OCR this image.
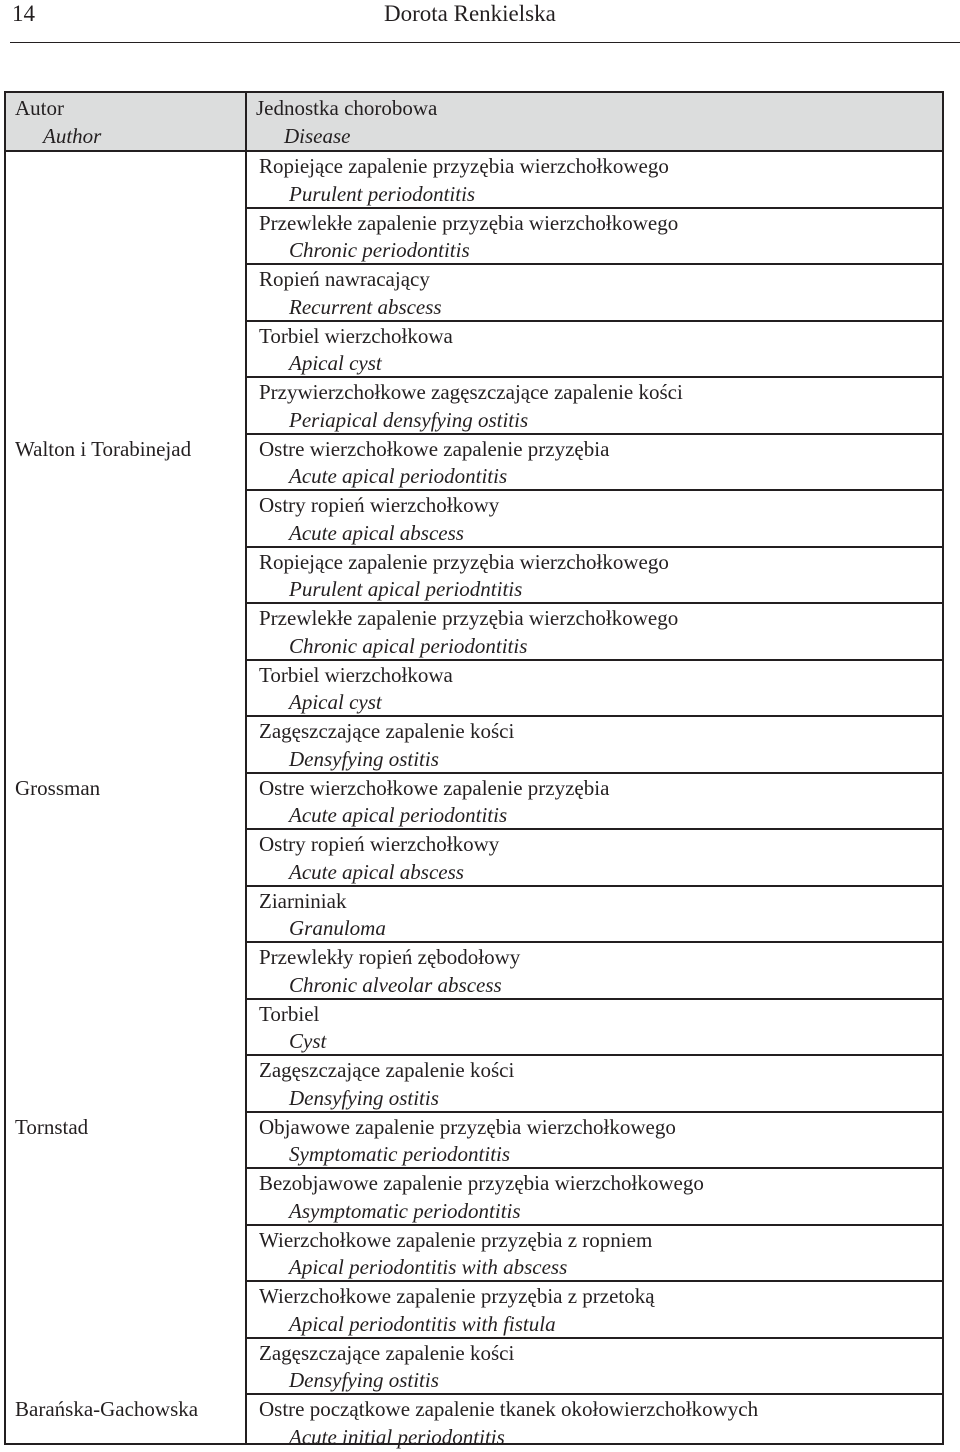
14	Dorota Renkielska
Autor
Author
Jednostka chorobowa
Disease
Walton i Torabinejad
Grossman
Tornstad
Barańska-Gachowska
Ropiejące zapalenie przyzębia wierzchołkowego
Purulent periodontitis
Przewlekłe zapalenie przyzębia wierzchołkowego
Chronic periodontitis
Ropień nawracający
Recurrent abscess
Torbiel wierzchołkowa
Apical cyst
Przywierzchołkowe zagęszczające zapalenie kości
Periapical densyfying ostitis
Ostre wierzchołkowe zapalenie przyzębia
Acute apical periodontitis
Ostry ropień wierzchołkowy
Acute apical abscess
Ropiejące zapalenie przyzębia wierzchołkowego
Purulent apical periodntitis
Przewlekłe zapalenie przyzębia wierzchołkowego
Chronic apical periodontitis
Torbiel wierzchołkowa
Apical cyst
Zagęszczające zapalenie kości
Densyfying ostitis
Ostre wierzchołkowe zapalenie przyzębia
Acute apical periodontitis
Ostry ropień wierzchołkowy
Acute apical abscess
Ziarniniak
Granuloma
Przewlekły ropień zębodołowy
Chronic alveolar abscess
Torbiel
Cyst
Zagęszczające zapalenie kości
Densyfying ostitis
Objawowe zapalenie przyzębia wierzchołkowego
Symptomatic periodontitis
Bezobjawowe zapalenie przyzębia wierzchołkowego
Asymptomatic periodontitis
Wierzchołkowe zapalenie przyzębia z ropniem
Apical periodontitis with abscess
Wierzchołkowe zapalenie przyzębia z przetoką
Apical periodontitis with fistula
Zagęszczające zapalenie kości
Densyfying ostitis
Ostre początkowe zapalenie tkanek okołowierzchołkowych
Acute initial periodontitis
